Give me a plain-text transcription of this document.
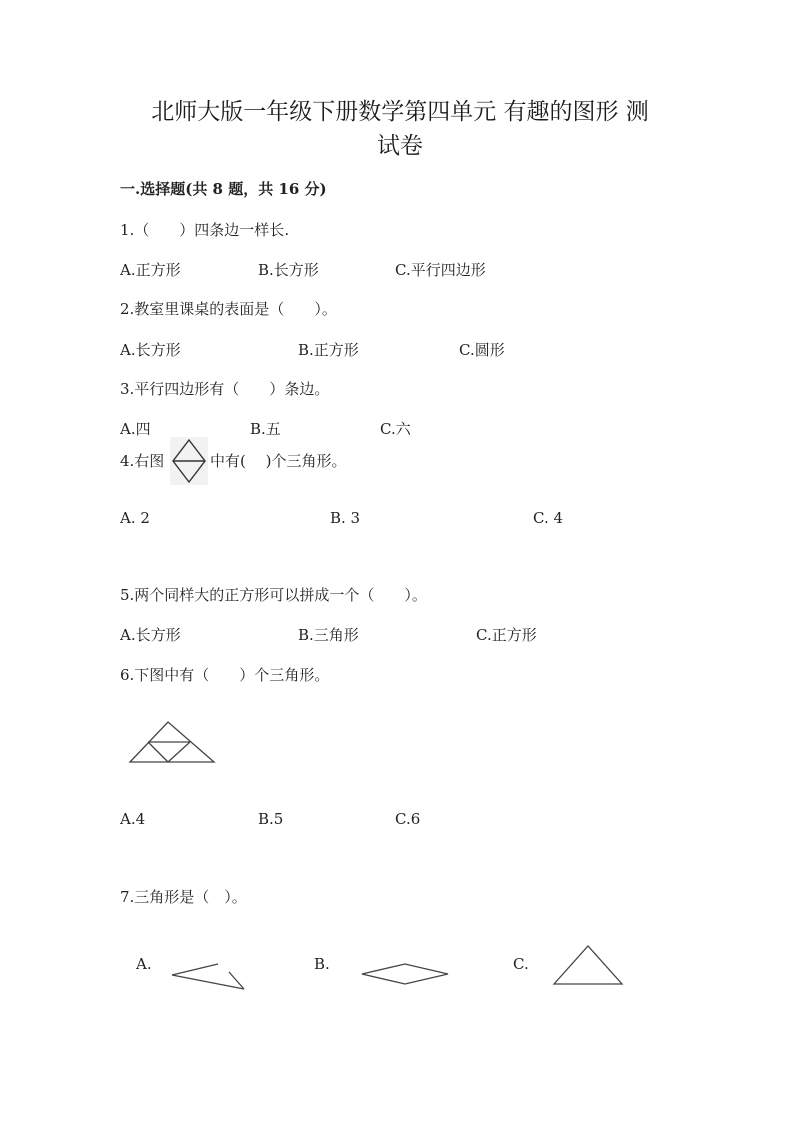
北师大版一年级下册数学第四单元 有趣的图形 测
试卷
一.选择题(共 8 题，共 16 分)
1.（　　）四条边一样长.
A.正方形	B.长方形	C.平行四边形
2.教室里课桌的表面是（　　）。
A.长方形	B.正方形	C.圆形
3.平行四边形有（　　）条边。
A.四	B.五	C.六
4.右图	中有(　 )个三角形。
A. 2	B. 3	C. 4
5.两个同样大的正方形可以拼成一个（　　）。
A.长方形	B.三角形	C.正方形
6.下图中有（　　）个三角形。
A.4	B.5	C.6
7.三角形是（　）。
A.	B.	C.
